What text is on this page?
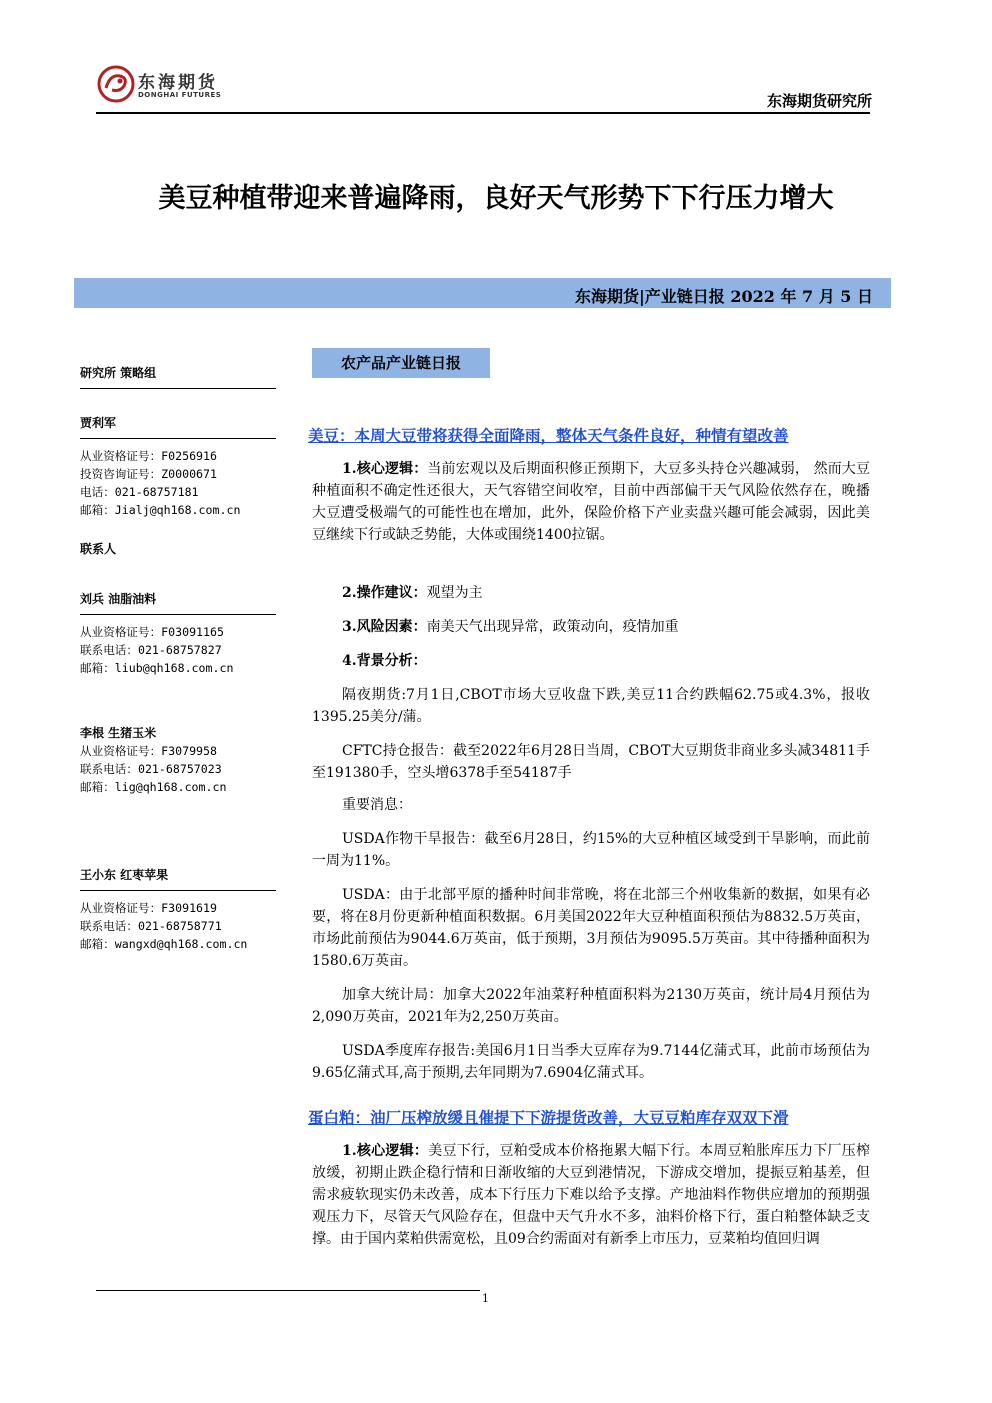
东海期货
DONGHAI FUTURES	东海期货研究所
美豆种植带迎来普遍降雨，良好天气形势下下行压力增大
东海期货|产业链日报 2022 年 7 月 5 日
研究所 策略组
贾利军
从业资格证号：F0256916
投资咨询证号：Z0000671
电话：021-68757181
邮箱：Jialj@qh168.com.cn
联系人
刘兵 油脂油料
从业资格证号：F03091165
联系电话：021-68757827
邮箱：liub@qh168.com.cn
李根 生猪玉米
从业资格证号：F3079958
联系电话：021-68757023
邮箱：lig@qh168.com.cn
王小东 红枣苹果
从业资格证号：F3091619
联系电话：021-68758771
邮箱：wangxd@qh168.com.cn
农产品产业链日报
美豆：本周大豆带将获得全面降雨，整体天气条件良好，种情有望改善
1.核心逻辑：当前宏观以及后期面积修正预期下，大豆多头持仓兴趣减弱， 然而大豆种植面积不确定性还很大，天气容错空间收窄，目前中西部偏干天气风险依然存在，晚播大豆遭受极端气的可能性也在增加，此外，保险价格下产业卖盘兴趣可能会减弱，因此美豆继续下行或缺乏势能，大体或围绕1400拉锯。
2.操作建议：观望为主
3.风险因素：南美天气出现异常，政策动向，疫情加重
4.背景分析：
隔夜期货:7月1日,CBOT市场大豆收盘下跌,美豆11合约跌幅62.75或4.3%，报收1395.25美分/蒲。
CFTC持仓报告：截至2022年6月28日当周，CBOT大豆期货非商业多头减34811手至191380手，空头增6378手至54187手
重要消息：
USDA作物干旱报告：截至6月28日，约15%的大豆种植区域受到干旱影响，而此前一周为11%。
USDA：由于北部平原的播种时间非常晚，将在北部三个州收集新的数据，如果有必要，将在8月份更新种植面积数据。6月美国2022年大豆种植面积预估为8832.5万英亩，市场此前预估为9044.6万英亩，低于预期，3月预估为9095.5万英亩。其中待播种面积为1580.6万英亩。
加拿大统计局：加拿大2022年油菜籽种植面积料为2130万英亩，统计局4月预估为2,090万英亩，2021年为2,250万英亩。
USDA季度库存报告:美国6月1日当季大豆库存为9.7144亿蒲式耳，此前市场预估为9.65亿蒲式耳,高于预期,去年同期为7.6904亿蒲式耳。
蛋白粕：油厂压榨放缓且催提下下游提货改善，大豆豆粕库存双双下滑
1.核心逻辑：美豆下行，豆粕受成本价格拖累大幅下行。本周豆粕胀库压力下厂压榨放缓，初期止跌企稳行情和日渐收缩的大豆到港情况，下游成交增加，提振豆粕基差，但需求疲软现实仍未改善，成本下行压力下难以给予支撑。产地油料作物供应增加的预期强观压力下，尽管天气风险存在，但盘中天气升水不多，油料价格下行，蛋白粕整体缺乏支撑。由于国内菜粕供需宽松，且09合约需面对有新季上市压力，豆菜粕均值回归调
1
